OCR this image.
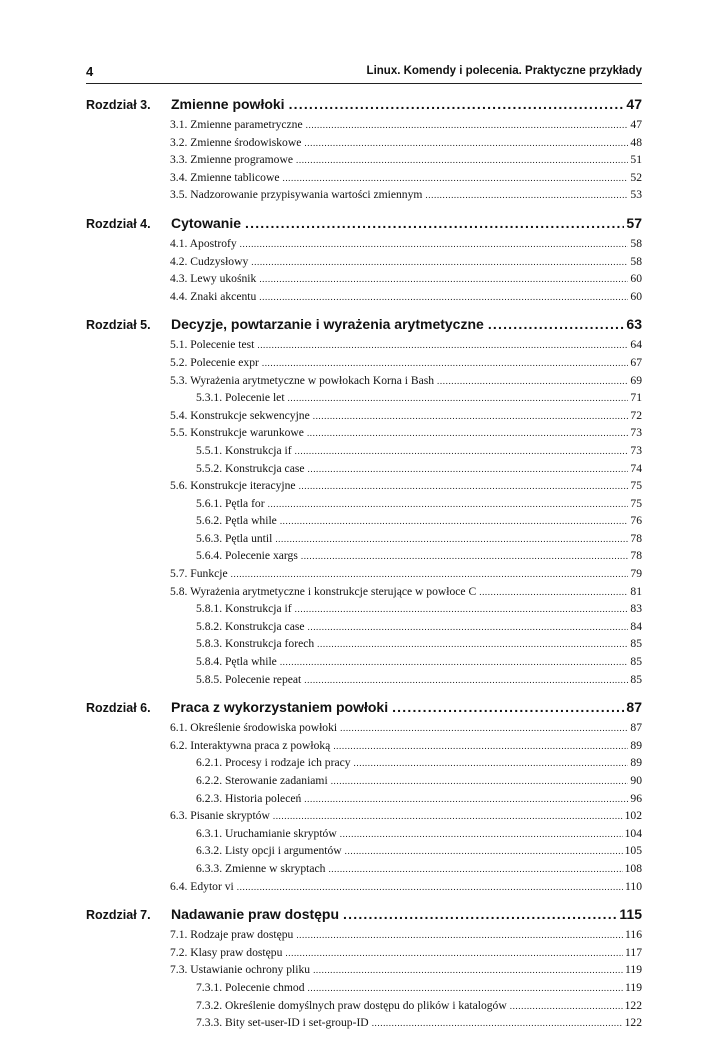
4	Linux. Komendy i polecenia. Praktyczne przykłady
Rozdział 3.	Zmienne powłoki .....	47
3.1. Zmienne parametryczne .....	47
3.2. Zmienne środowiskowe .....	48
3.3. Zmienne programowe .....	51
3.4. Zmienne tablicowe .....	52
3.5. Nadzorowanie przypisywania wartości zmiennym .....	53
Rozdział 4.	Cytowanie .....	57
4.1. Apostrofy .....	58
4.2. Cudzysłowy .....	58
4.3. Lewy ukośnik .....	60
4.4. Znaki akcentu .....	60
Rozdział 5.	Decyzje, powtarzanie i wyrażenia arytmetyczne .....	63
5.1. Polecenie test .....	64
5.2. Polecenie expr .....	67
5.3. Wyrażenia arytmetyczne w powłokach Korna i Bash .....	69
5.3.1. Polecenie let .....	71
5.4. Konstrukcje sekwencyjne .....	72
5.5. Konstrukcje warunkowe .....	73
5.5.1. Konstrukcja if .....	73
5.5.2. Konstrukcja case .....	74
5.6. Konstrukcje iteracyjne .....	75
5.6.1. Pętla for .....	75
5.6.2. Pętla while .....	76
5.6.3. Pętla until .....	78
5.6.4. Polecenie xargs .....	78
5.7. Funkcje .....	79
5.8. Wyrażenia arytmetyczne i konstrukcje sterujące w powłoce C .....	81
5.8.1. Konstrukcja if .....	83
5.8.2. Konstrukcja case .....	84
5.8.3. Konstrukcja forech .....	85
5.8.4. Pętla while .....	85
5.8.5. Polecenie repeat .....	85
Rozdział 6.	Praca z wykorzystaniem powłoki .....	87
6.1. Określenie środowiska powłoki .....	87
6.2. Interaktywna praca z powłoką .....	89
6.2.1. Procesy i rodzaje ich pracy .....	89
6.2.2. Sterowanie zadaniami .....	90
6.2.3. Historia poleceń .....	96
6.3. Pisanie skryptów .....	102
6.3.1. Uruchamianie skryptów .....	104
6.3.2. Listy opcji i argumentów .....	105
6.3.3. Zmienne w skryptach .....	108
6.4. Edytor vi .....	110
Rozdział 7.	Nadawanie praw dostępu .....	115
7.1. Rodzaje praw dostępu .....	116
7.2. Klasy praw dostępu .....	117
7.3. Ustawianie ochrony pliku .....	119
7.3.1. Polecenie chmod .....	119
7.3.2. Określenie domyślnych praw dostępu do plików i katalogów .....	122
7.3.3. Bity set-user-ID i set-group-ID .....	122
